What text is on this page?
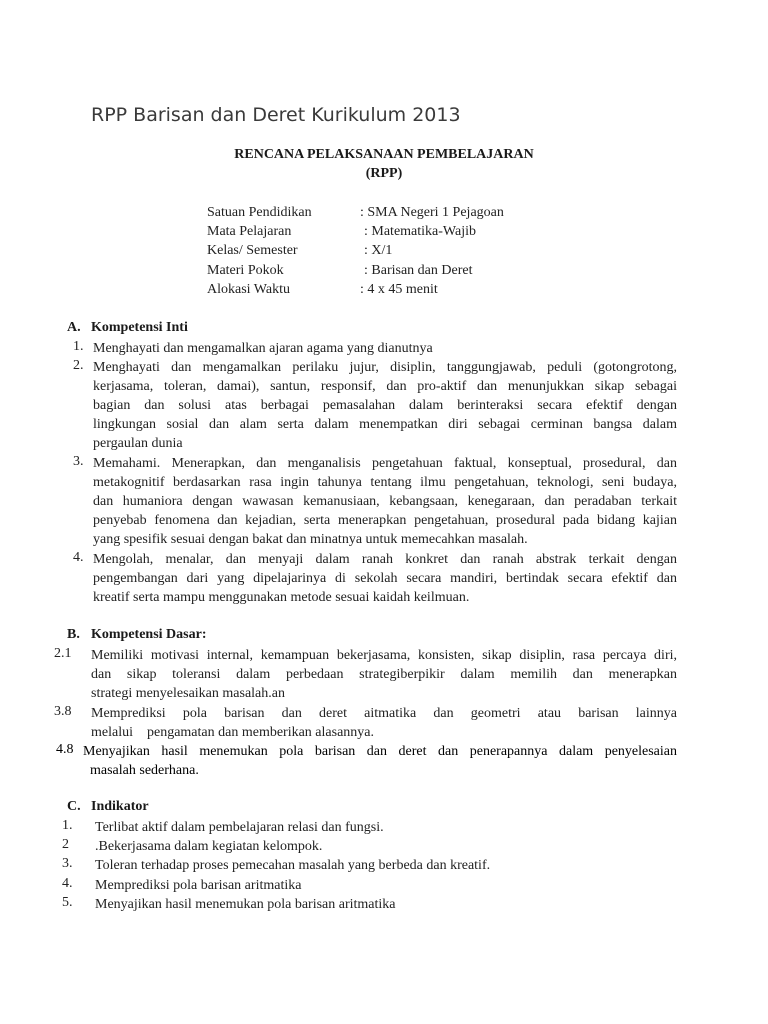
RPP Barisan dan Deret Kurikulum 2013
RENCANA PELAKSANAAN PEMBELAJARAN
(RPP)
Satuan Pendidikan	: SMA Negeri 1 Pejagoan
Mata Pelajaran	: Matematika-Wajib
Kelas/ Semester	: X/1
Materi Pokok	: Barisan dan Deret
Alokasi Waktu	: 4 x 45 menit
A. Kompetensi Inti
1. Menghayati dan mengamalkan ajaran agama yang dianutnya
2. Menghayati dan mengamalkan perilaku jujur, disiplin, tanggungjawab, peduli (gotongrotong,
kerjasama, toleran, damai), santun, responsif, dan pro-aktif dan menunjukkan sikap sebagai
bagian dan solusi atas berbagai pemasalahan dalam berinteraksi secara efektif dengan
lingkungan sosial dan alam serta dalam menempatkan diri sebagai cerminan bangsa dalam
pergaulan dunia
3. Memahami. Menerapkan, dan menganalisis pengetahuan faktual, konseptual, prosedural, dan
metakognitif berdasarkan rasa ingin tahunya tentang ilmu pengetahuan, teknologi, seni budaya,
dan humaniora dengan wawasan kemanusiaan, kebangsaan, kenegaraan, dan peradaban terkait
penyebab fenomena dan kejadian, serta menerapkan pengetahuan, prosedural pada bidang kajian
yang spesifik sesuai dengan bakat dan minatnya untuk memecahkan masalah.
4. Mengolah, menalar, dan menyaji dalam ranah konkret dan ranah abstrak terkait dengan
pengembangan dari yang dipelajarinya di sekolah secara mandiri, bertindak secara efektif dan
kreatif serta mampu menggunakan metode sesuai kaidah keilmuan.
B. Kompetensi Dasar:
2.1 Memiliki motivasi internal, kemampuan bekerjasama, konsisten, sikap disiplin, rasa percaya diri,
dan sikap toleransi dalam perbedaan strategiberpikir dalam memilih dan menerapkan
strategi menyelesaikan masalah.an
3.8 Memprediksi pola barisan dan deret aitmatika dan geometri atau barisan lainnya
melalui    pengamatan dan memberikan alasannya.
4.8 Menyajikan hasil menemukan pola barisan dan deret dan penerapannya dalam penyelesaian
masalah sederhana.
C. Indikator
1. Terlibat aktif dalam pembelajaran relasi dan fungsi.
2 .Bekerjasama dalam kegiatan kelompok.
3. Toleran terhadap proses pemecahan masalah yang berbeda dan kreatif.
4. Memprediksi pola barisan aritmatika
5. Menyajikan hasil menemukan pola barisan aritmatika
